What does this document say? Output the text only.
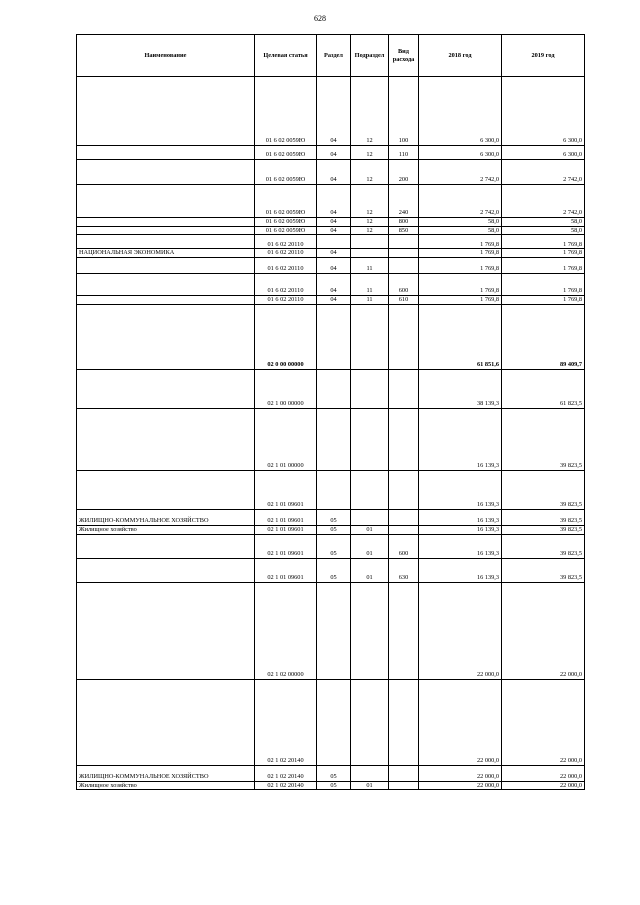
628
Наименование	Целевая статья	Раздел	Подраздел	Вид расхода	2018 год	2019 год
	01 6 02 0059Ю	04	12	100	6 300,0	6 300,0
	01 6 02 0059Ю	04	12	110	6 300,0	6 300,0
	01 6 02 0059Ю	04	12	200	2 742,0	2 742,0
	01 6 02 0059Ю	04	12	240	2 742,0	2 742,0
	01 6 02 0059Ю	04	12	800	58,0	58,0
	01 6 02 0059Ю	04	12	850	58,0	58,0
	01 6 02 20110				1 769,8	1 769,8
НАЦИОНАЛЬНАЯ ЭКОНОМИКА	01 6 02 20110	04			1 769,8	1 769,8
	01 6 02 20110	04	11		1 769,8	1 769,8
	01 6 02 20110	04	11	600	1 769,8	1 769,8
	01 6 02 20110	04	11	610	1 769,8	1 769,8
	02 0 00 00000				61 851,6	89 409,7
	02 1 00 00000				38 139,3	61 823,5
	02 1 01 00000				16 139,3	39 823,5
	02 1 01 09601				16 139,3	39 823,5
ЖИЛИЩНО-КОММУНАЛЬНОЕ ХОЗЯЙСТВО	02 1 01 09601	05			16 139,3	39 823,5
Жилищное хозяйство	02 1 01 09601	05	01		16 139,3	39 823,5
	02 1 01 09601	05	01	600	16 139,3	39 823,5
	02 1 01 09601	05	01	630	16 139,3	39 823,5
	02 1 02 00000				22 000,0	22 000,0
	02 1 02 20140				22 000,0	22 000,0
ЖИЛИЩНО-КОММУНАЛЬНОЕ ХОЗЯЙСТВО	02 1 02 20140	05			22 000,0	22 000,0
Жилищное хозяйство	02 1 02 20140	05	01		22 000,0	22 000,0
